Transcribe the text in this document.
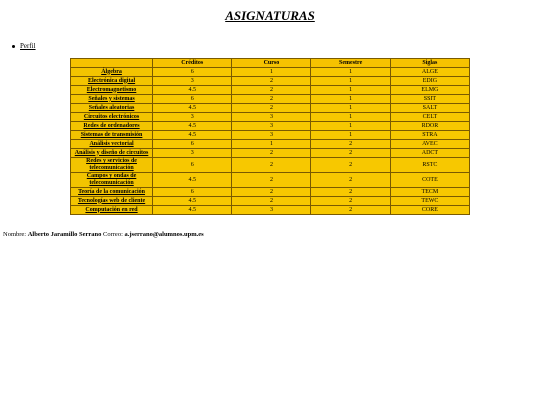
ASIGNATURAS
Perfil
	Créditos	Curso	Semestre	Siglas
Álgebra	6	1	1	ALGE
Electrónica digital	3	2	1	EDIG
Electromagnetismo	4.5	2	1	ELMG
Señales y sistemas	6	2	1	SSIT
Señales aleatorias	4.5	2	1	SALT
Circuitos electrónicos	3	3	1	CELT
Redes de ordenadores	4.5	3	1	RDOR
Sistemas de transmisión	4.5	3	1	STRA
Análisis vectorial	6	1	2	AVEC
Análisis y diseño de circuitos	3	2	2	ADCT
Redes y servicios de telecomunicación	6	2	2	RSTC
Campos y ondas de telecomunicación	4.5	2	2	COTE
Teoría de la comunicación	6	2	2	TECM
Tecnologías web de cliente	4.5	2	2	TEWC
Computación en red	4.5	3	2	CORE
Nombre: Alberto Jaramillo Serrano Correo: a.jserrano@alumnos.upm.es
